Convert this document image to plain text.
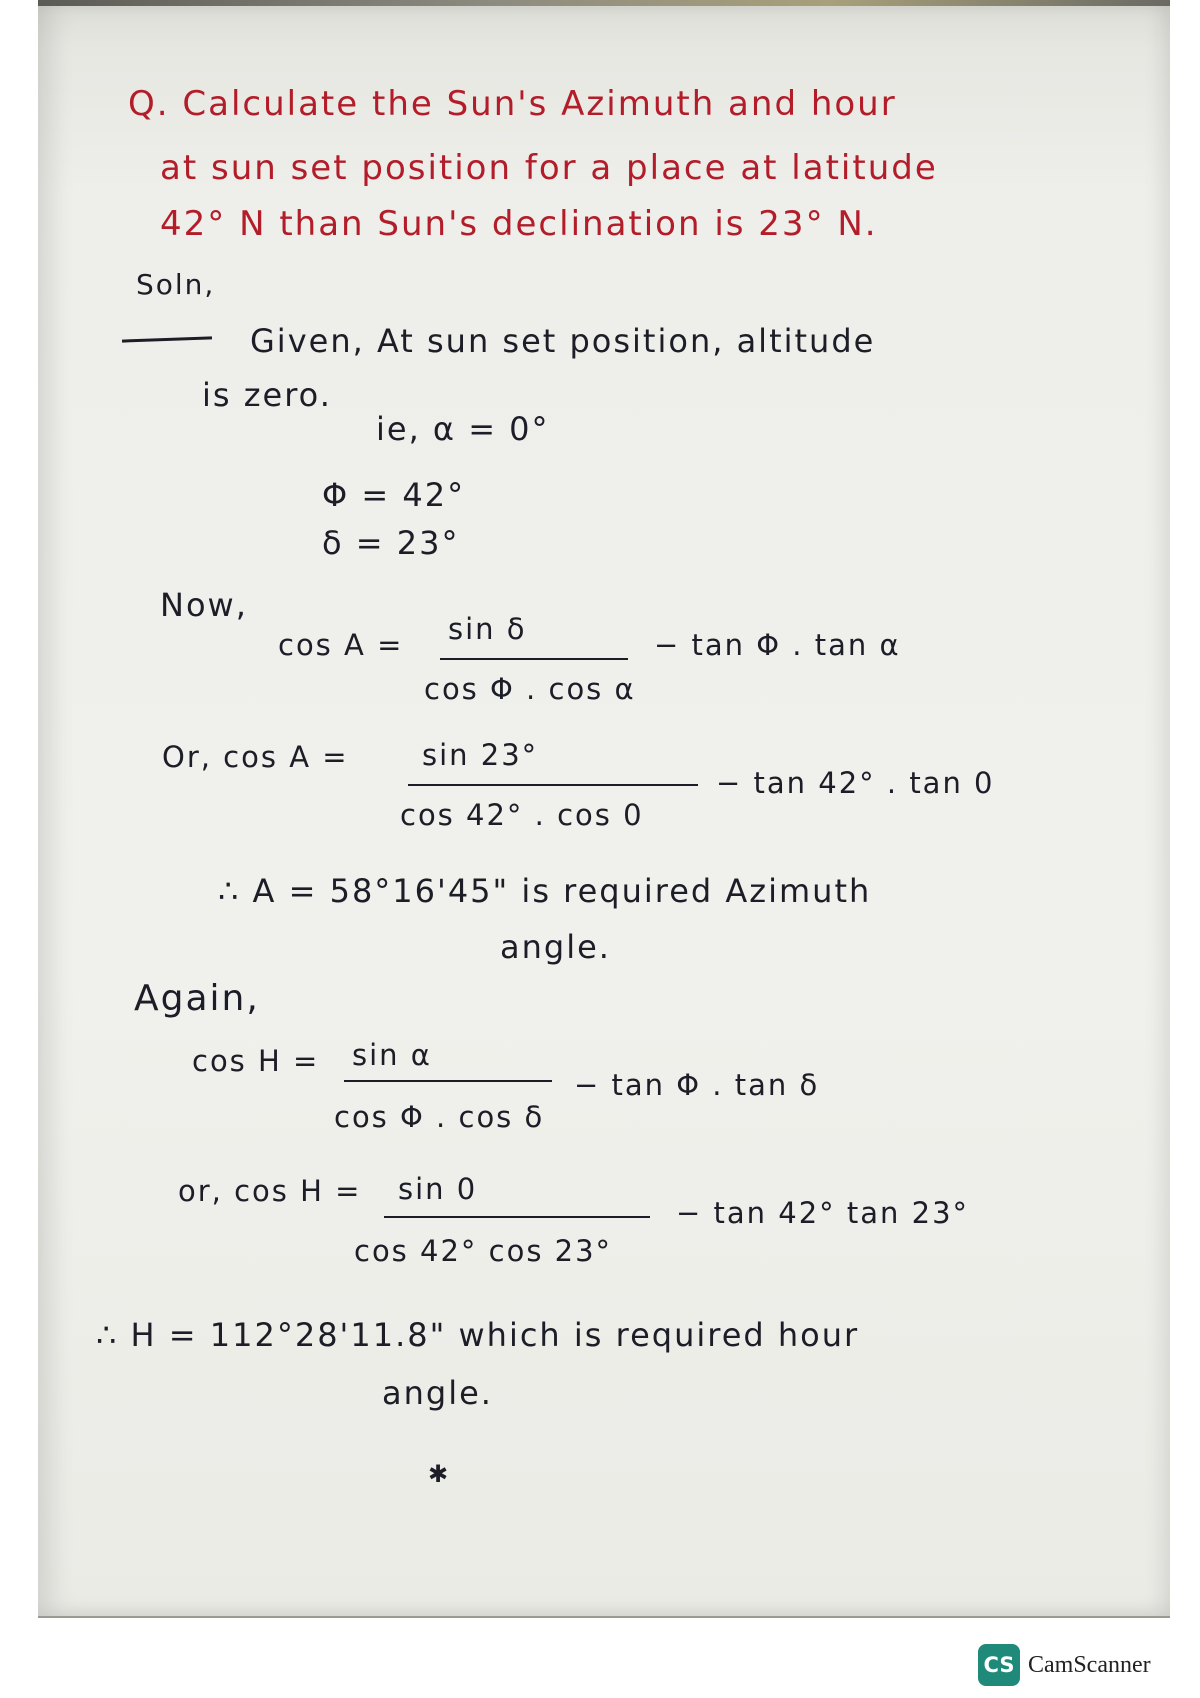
Q. Calculate the Sun's Azimuth and hour
at sun set position for a place at latitude
42° N than Sun's declination is 23° N.
Soln,
Given, At sun set position, altitude
is zero.
ie, α = 0°
Φ = 42°
δ = 23°
Now,
cos A = sin δ
cos Φ . cos α
− tan Φ . tan α
Or, cos A =	sin 23°
cos 42° . cos 0
− tan 42° . tan 0
∴ A = 58°16'45" is required Azimuth
angle.
Again,
cos H = sin α
cos Φ . cos δ
− tan Φ . tan δ
or, cos H = sin 0
cos 42° cos 23°
− tan 42° tan 23°
∴ H = 112°28'11.8" which is required hour
angle.
✱
CS CamScanner
